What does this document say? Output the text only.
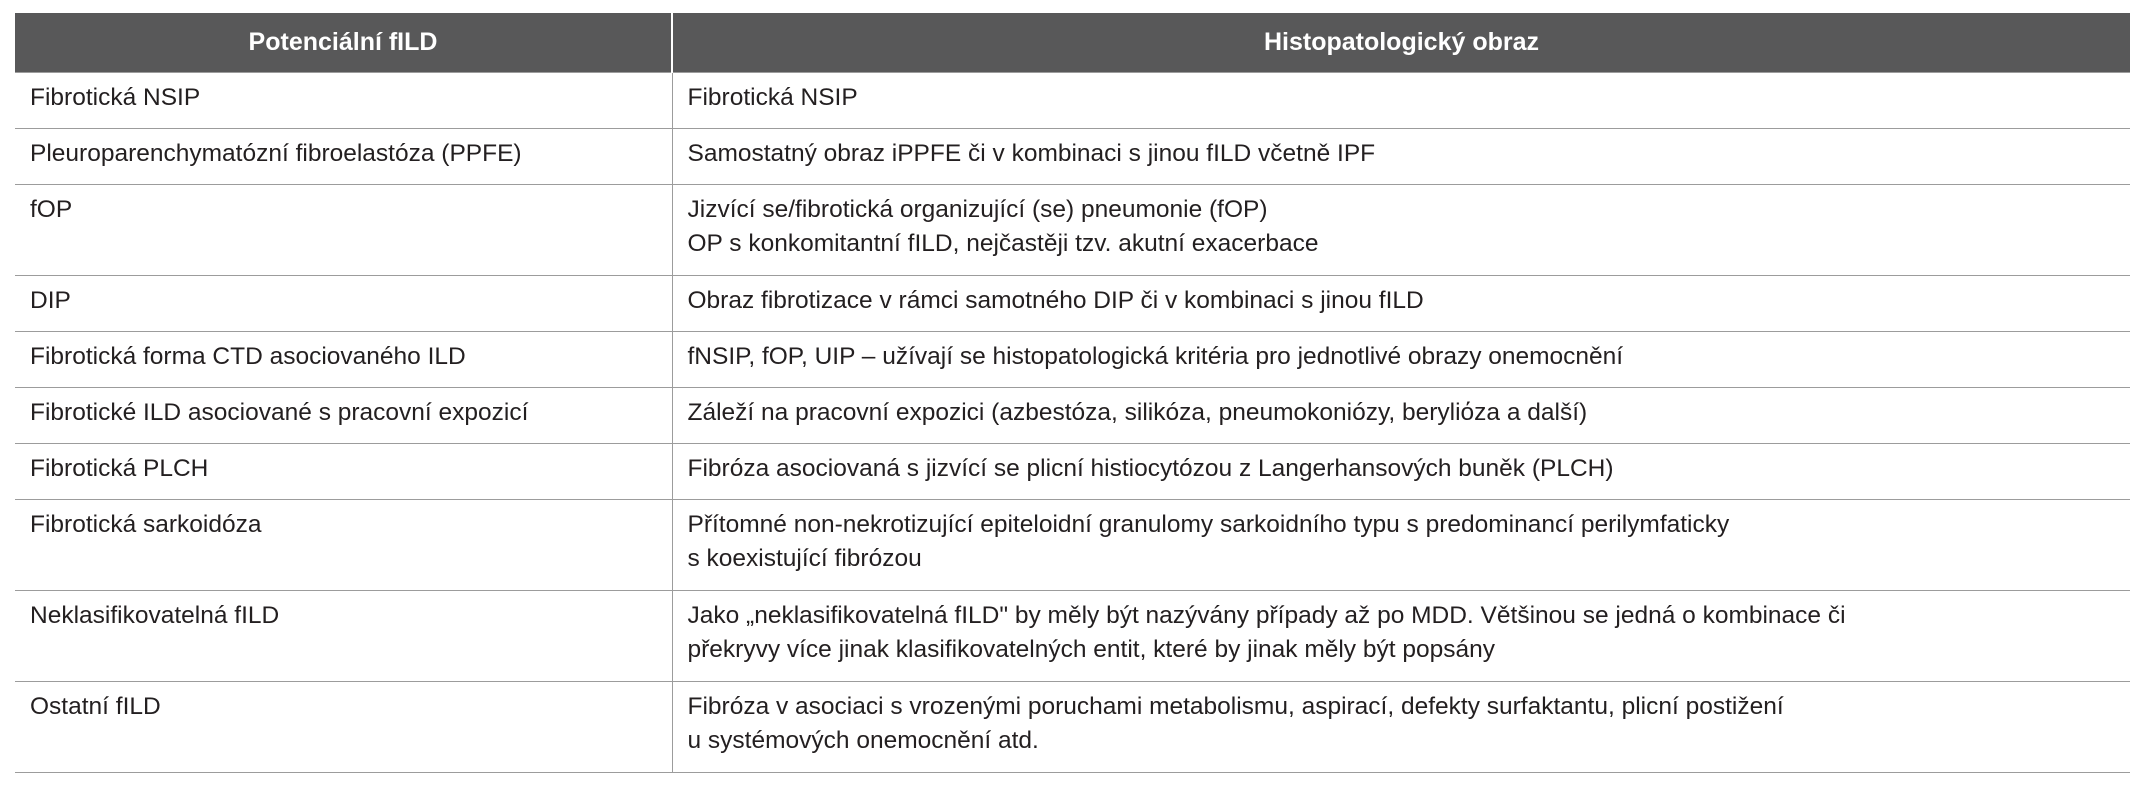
Potenciální fILD	Histopatologický obraz
Fibrotická NSIP	Fibrotická NSIP

Pleuroparenchymatózní fibroelastóza (PPFE)	Samostatný obraz iPPFE či v kombinaci s jinou fILD včetně IPF

fOP	Jizvící se/fibrotická organizující (se) pneumonie (fOP)
OP s konkomitantní fILD, nejčastěji tzv. akutní exacerbace

DIP	Obraz fibrotizace v rámci samotného DIP či v kombinaci s jinou fILD

Fibrotická forma CTD asociovaného ILD	fNSIP, fOP, UIP – užívají se histopatologická kritéria pro jednotlivé obrazy onemocnění

Fibrotické ILD asociované s pracovní expozicí	Záleží na pracovní expozici (azbestóza, silikóza, pneumokoniózy, beryliόza a další)

Fibrotická PLCH	Fibróza asociovaná s jizvící se plicní histiocytózou z Langerhansových buněk (PLCH)

Fibrotická sarkoidóza	Přítomné non-nekrotizující epiteloidní granulomy sarkoidního typu s predominancí perilymfaticky
s koexistující fibrózou

Neklasifikovatelná fILD	Jako „neklasifikovatelná fILD" by měly být nazývány případy až po MDD. Většinou se jedná o kombinace či
překryvy více jinak klasifikovatelných entit, které by jinak měly být popsány

Ostatní fILD	Fibróza v asociaci s vrozenými poruchami metabolismu, aspirací, defekty surfaktantu, plicní postižení
u systémových onemocnění atd.
